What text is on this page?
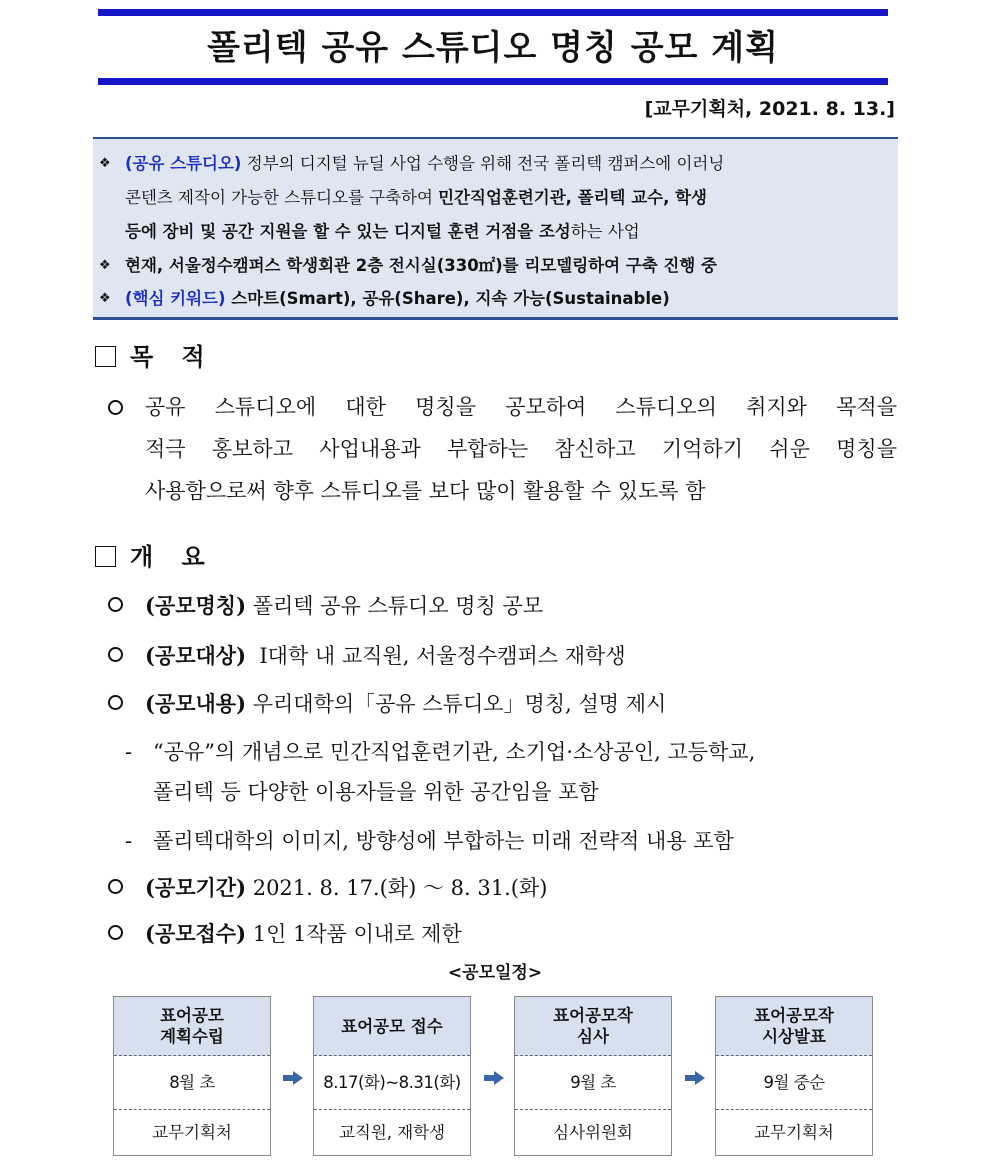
폴리텍 공유 스튜디오 명칭 공모 계획
[교무기획처, 2021. 8. 13.]
❖ (공유 스튜디오) 정부의 디지털 뉴딜 사업 수행을 위해 전국 폴리텍 캠퍼스에 이러닝
콘텐츠 제작이 가능한 스튜디오를 구축하여 민간직업훈련기관, 폴리텍 교수, 학생
등에 장비 및 공간 지원을 할 수 있는 디지털 훈련 거점을 조성하는 사업
❖ 현재, 서울정수캠퍼스 학생회관 2층 전시실(330㎡)를 리모델링하여 구축 진행 중
❖ (핵심 키워드) 스마트(Smart), 공유(Share), 지속 가능(Sustainable)
목 적
공유 스튜디오에 대한 명칭을 공모하여 스튜디오의 취지와 목적을
적극 홍보하고 사업내용과 부합하는 참신하고 기억하기 쉬운 명칭을
사용함으로써 향후 스튜디오를 보다 많이 활용할 수 있도록 함
개 요
(공모명칭) 폴리텍 공유 스튜디오 명칭 공모
(공모대상)  Ⅰ대학 내 교직원, 서울정수캠퍼스 재학생
(공모내용) 우리대학의「공유 스튜디오」명칭, 설명 제시
- “공유”의 개념으로 민간직업훈련기관, 소기업·소상공인, 고등학교,
폴리텍 등 다양한 이용자들을 위한 공간임을 포함
- 폴리텍대학의 이미지, 방향성에 부합하는 미래 전략적 내용 포함
(공모기간) 2021. 8. 17.(화) ～ 8. 31.(화)
(공모접수) 1인 1작품 이내로 제한
<공모일정>
표어공모
계획수립
8월 초
교무기획처
표어공모 접수
8.17(화)~8.31(화)
교직원, 재학생
표어공모작
심사
9월 초
심사위원회
표어공모작
시상발표
9월 중순
교무기획처
